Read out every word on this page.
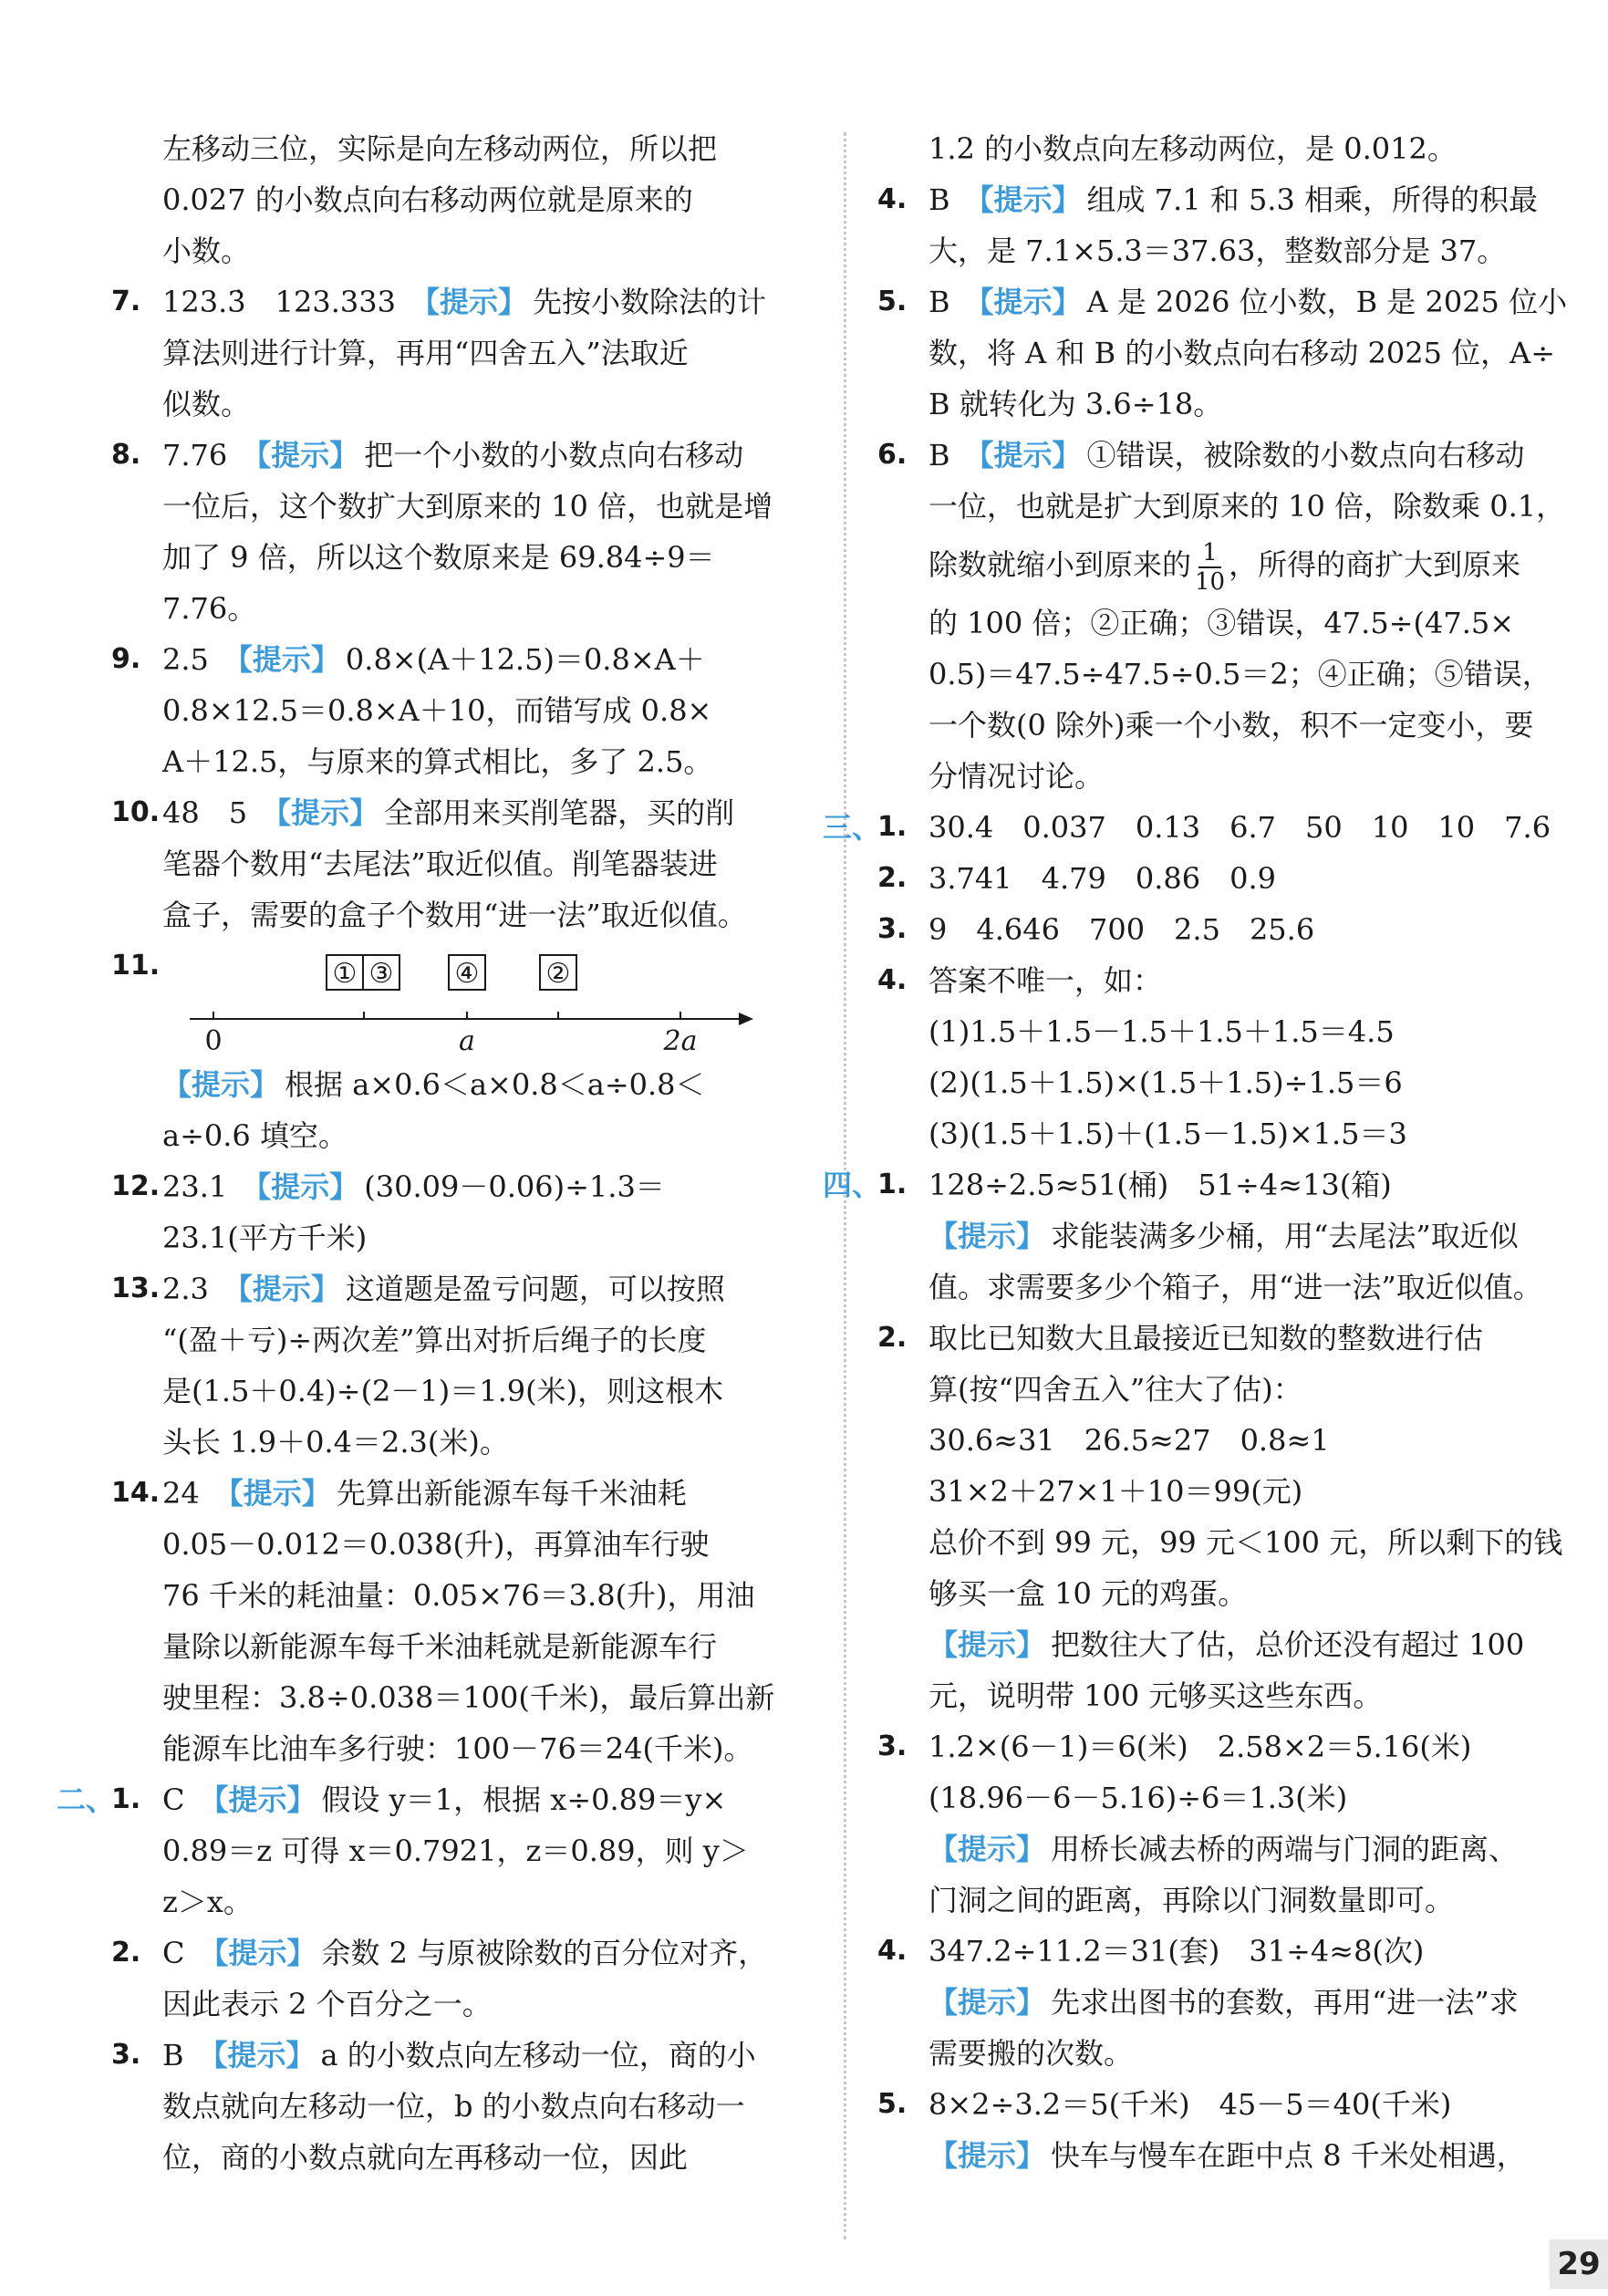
左移动三位，实际是向左移动两位，所以把
0.027 的小数点向右移动两位就是原来的
小数。
7. 123.3̇　123.333 【提示】 先按小数除法的计
算法则进行计算，再用“四舍五入”法取近
似数。
8. 7.76 【提示】 把一个小数的小数点向右移动
一位后，这个数扩大到原来的 10 倍，也就是增
加了 9 倍，所以这个数原来是 69.84÷9＝
7.76。
9. 2.5 【提示】 0.8×(A＋12.5)＝0.8×A＋
0.8×12.5＝0.8×A＋10，而错写成 0.8×
A＋12.5，与原来的算式相比，多了 2.5。
10. 48　5 【提示】 全部用来买削笔器，买的削
笔器个数用“去尾法”取近似值。削笔器装进
盒子，需要的盒子个数用“进一法”取近似值。
11.	① ③ ④ ②
0	a	2a
【提示】 根据 a×0.6＜a×0.8＜a÷0.8＜
a÷0.6 填空。
12. 23.1 【提示】 (30.09－0.06)÷1.3＝
23.1(平方千米)
13. 2.3 【提示】 这道题是盈亏问题，可以按照
“(盈＋亏)÷两次差”算出对折后绳子的长度
是(1.5＋0.4)÷(2－1)＝1.9(米)，则这根木
头长 1.9＋0.4＝2.3(米)。
14. 24 【提示】 先算出新能源车每千米油耗
0.05－0.012＝0.038(升)，再算油车行驶
76 千米的耗油量：0.05×76＝3.8(升)，用油
量除以新能源车每千米油耗就是新能源车行
驶里程：3.8÷0.038＝100(千米)，最后算出新
能源车比油车多行驶：100－76＝24(千米)。
二、
1. C 【提示】 假设 y＝1，根据 x÷0.89＝y×
0.89＝z 可得 x＝0.7921，z＝0.89，则 y＞
z＞x。
2. C 【提示】 余数 2 与原被除数的百分位对齐，
因此表示 2 个百分之一。
3. B 【提示】 a 的小数点向左移动一位，商的小
数点就向左移动一位，b 的小数点向右移动一
位，商的小数点就向左再移动一位，因此
1.2 的小数点向左移动两位，是 0.012。
4. B 【提示】 组成 7.1 和 5.3 相乘，所得的积最
大，是 7.1×5.3＝37.63，整数部分是 37。
5. B 【提示】 A 是 2026 位小数，B 是 2025 位小
数，将 A 和 B 的小数点向右移动 2025 位，A÷
B 就转化为 3.6÷18。
6. B 【提示】 ①错误，被除数的小数点向右移动
一位，也就是扩大到原来的 10 倍，除数乘 0.1，
除数就缩小到原来的 $\frac{1}{10}$ ，所得的商扩大到原来
的 100 倍；②正确；③错误，47.5÷(47.5×
0.5)＝47.5÷47.5÷0.5＝2；④正确；⑤错误，
一个数(0 除外)乘一个小数，积不一定变小，要
分情况讨论。
三、
1. 30.4　0.037　0.13　6.7　50　10　10　7.6
2. 3.741　4.79　0.86　0.9
3. 9　4.646　700　2.5　25.6
4. 答案不唯一，如：
(1)1.5＋1.5－1.5＋1.5＋1.5＝4.5
(2)(1.5＋1.5)×(1.5＋1.5)÷1.5＝6
(3)(1.5＋1.5)＋(1.5－1.5)×1.5＝3
四、
1. 128÷2.5≈51(桶)　51÷4≈13(箱)
【提示】 求能装满多少桶，用“去尾法”取近似
值。求需要多少个箱子，用“进一法”取近似值。
2. 取比已知数大且最接近已知数的整数进行估
算(按“四舍五入”往大了估)：
30.6≈31　26.5≈27　0.8≈1
31×2＋27×1＋10＝99(元)
总价不到 99 元，99 元＜100 元，所以剩下的钱
够买一盒 10 元的鸡蛋。
【提示】 把数往大了估，总价还没有超过 100
元，说明带 100 元够买这些东西。
3. 1.2×(6－1)＝6(米)　2.58×2＝5.16(米)
(18.96－6－5.16)÷6＝1.3(米)
【提示】 用桥长减去桥的两端与门洞的距离、
门洞之间的距离，再除以门洞数量即可。
4. 347.2÷11.2＝31(套)　31÷4≈8(次)
【提示】 先求出图书的套数，再用“进一法”求
需要搬的次数。
5. 8×2÷3.2＝5(千米)　45－5＝40(千米)
【提示】 快车与慢车在距中点 8 千米处相遇，
29
